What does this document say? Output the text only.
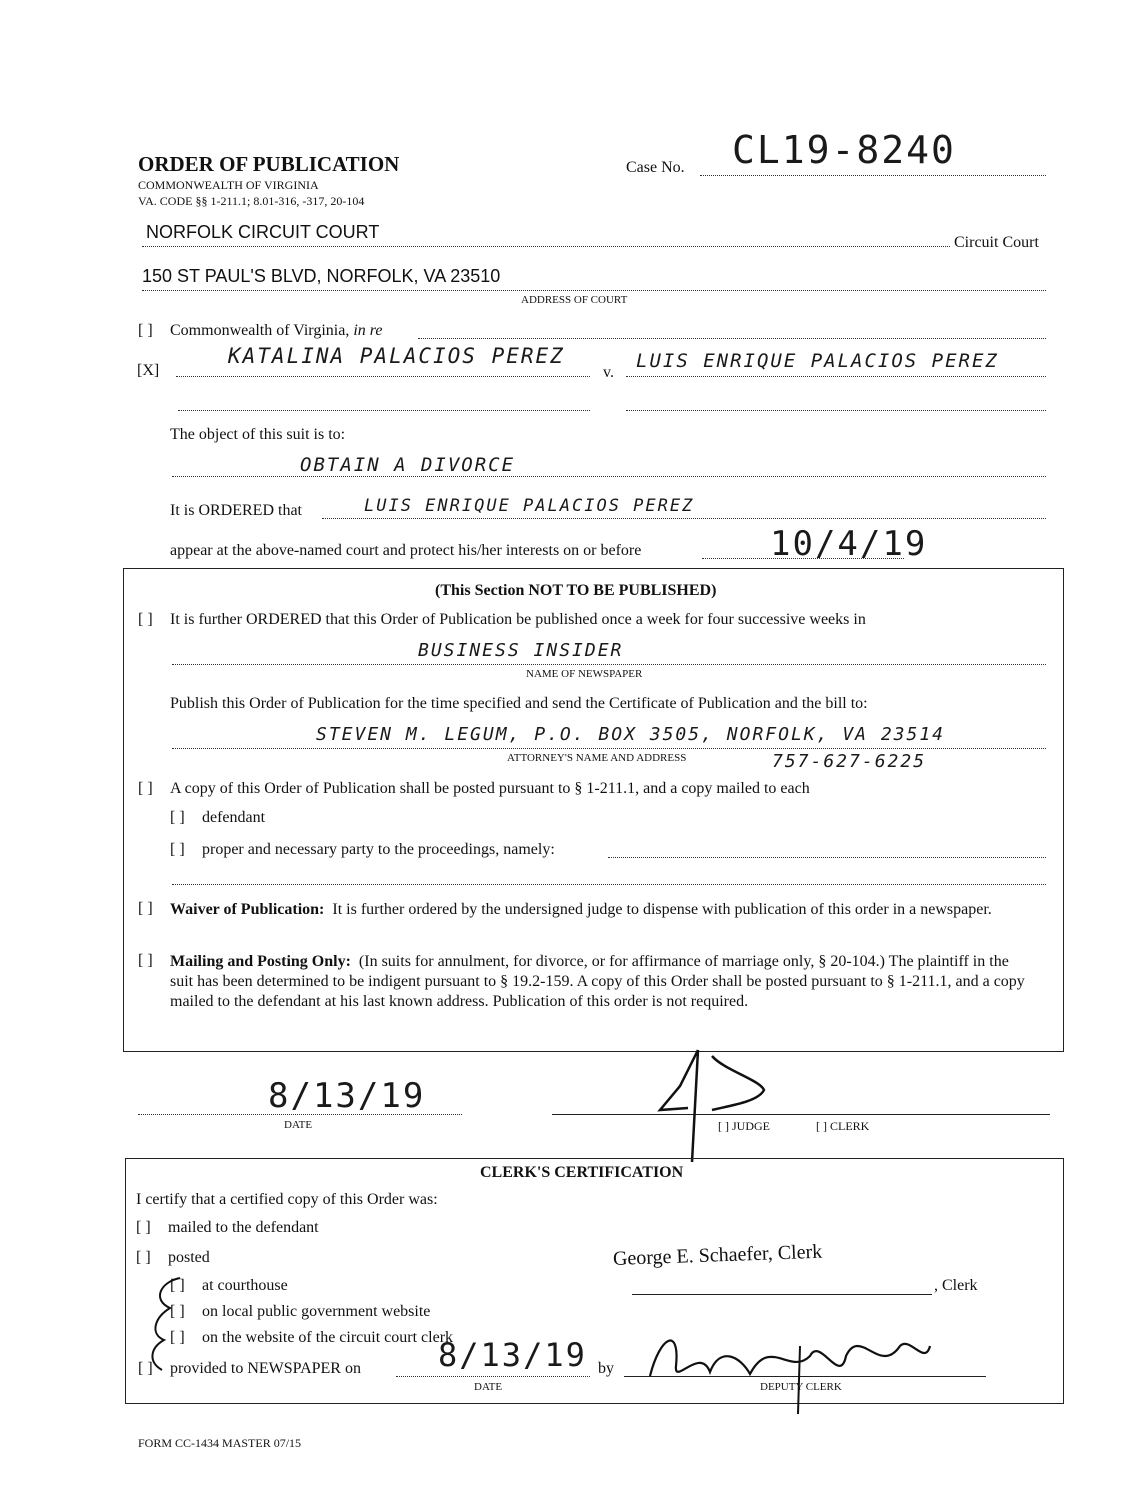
ORDER OF PUBLICATION
COMMONWEALTH OF VIRGINIA
VA. CODE §§ 1-211.1; 8.01-316, -317, 20-104
Case No. CL19-8240
NORFOLK CIRCUIT COURT
Circuit Court
150 ST PAUL'S BLVD, NORFOLK, VA 23510
ADDRESS OF COURT
[ ] Commonwealth of Virginia, in re
[X]
KATALINA PALACIOS PEREZ
v.
LUIS ENRIQUE PALACIOS PEREZ
The object of this suit is to:
OBTAIN A DIVORCE
It is ORDERED that	LUIS ENRIQUE PALACIOS PEREZ
appear at the above-named court and protect his/her interests on or before	10/4/19
(This Section NOT TO BE PUBLISHED)
[ ] It is further ORDERED that this Order of Publication be published once a week for four successive weeks in
BUSINESS INSIDER
NAME OF NEWSPAPER
Publish this Order of Publication for the time specified and send the Certificate of Publication and the bill to:
STEVEN M. LEGUM, P.O. BOX 3505, NORFOLK, VA 23514
ATTORNEY'S NAME AND ADDRESS	757-627-6225
[ ] A copy of this Order of Publication shall be posted pursuant to § 1-211.1, and a copy mailed to each
[ ] defendant
[ ] proper and necessary party to the proceedings, namely:
[ ] Waiver of Publication: It is further ordered by the undersigned judge to dispense with publication of this order in a newspaper.
[ ] Mailing and Posting Only: (In suits for annulment, for divorce, or for affirmance of marriage only, § 20-104.) The plaintiff in the suit has been determined to be indigent pursuant to § 19.2-159. A copy of this Order shall be posted pursuant to § 1-211.1, and a copy mailed to the defendant at his last known address. Publication of this order is not required.
8/13/19
DATE	[ ] JUDGE	[ ] CLERK
CLERK'S CERTIFICATION
I certify that a certified copy of this Order was:
[ ] mailed to the defendant
[ ] posted
[ ] at courthouse
[ ] on local public government website
[ ] on the website of the circuit court clerk
[ ] provided to NEWSPAPER on 8/13/19
DATE
by
DEPUTY CLERK
George E. Schaefer, Clerk
, Clerk
FORM CC-1434 MASTER 07/15
